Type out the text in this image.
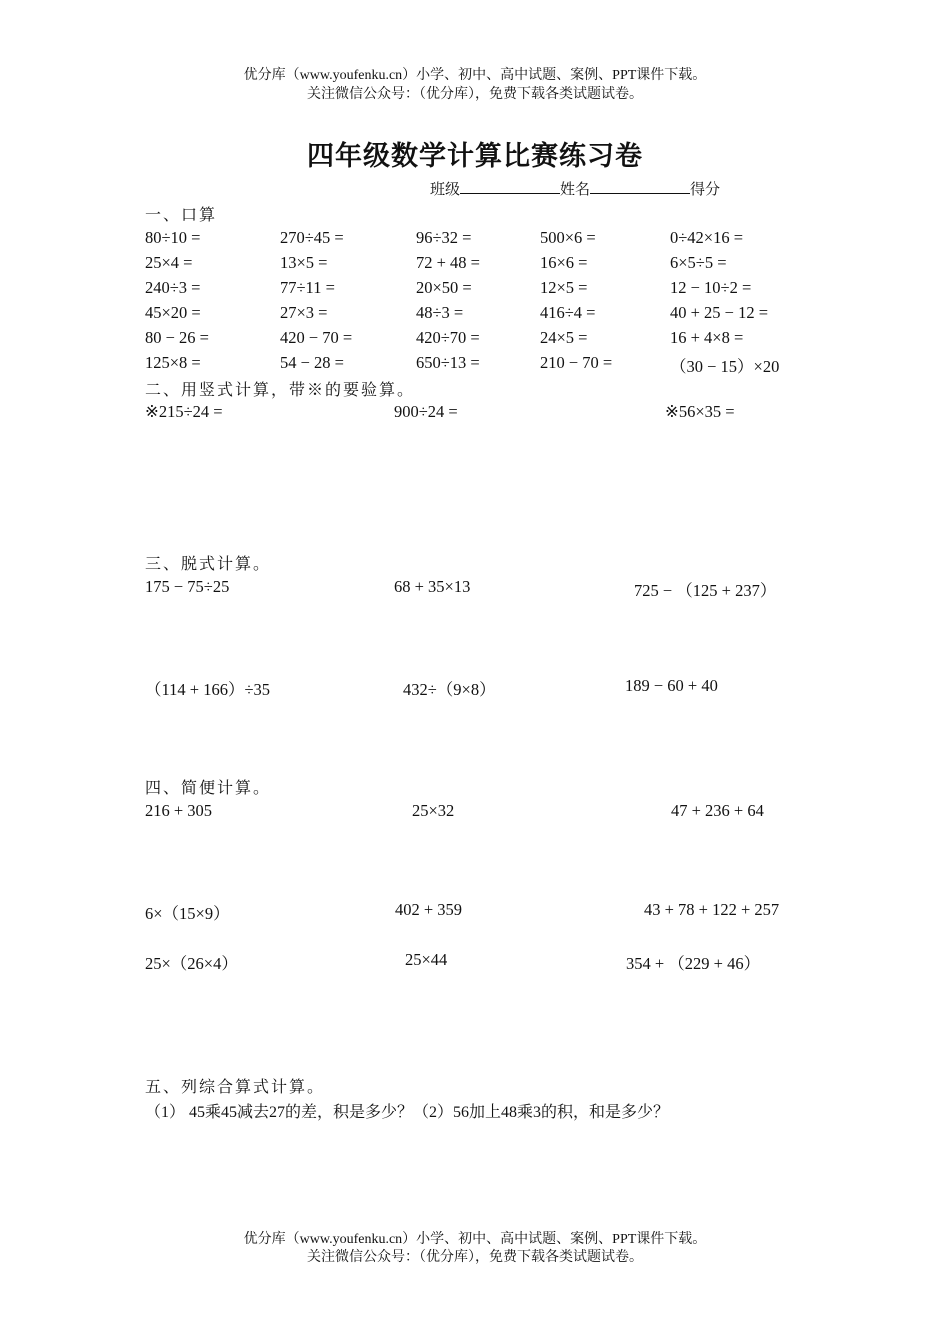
优分库（www.youfenku.cn）小学、初中、高中试题、案例、PPT课件下载。
关注微信公众号：（优分库），免费下载各类试题试卷。
四年级数学计算比赛练习卷
班级	姓名	得分
一、口算
80÷10 =	270÷45 =	96÷32 =	500×6 =	0÷42×16 =
25×4 =	13×5 =	72 + 48 =	16×6 =	6×5÷5 =
240÷3 =	77÷11 =	20×50 =	12×5 =	12 − 10÷2 =
45×20 =	27×3 =	48÷3 =	416÷4 =	40 + 25 − 12 =
80 − 26 =	420 − 70 =	420÷70 =	24×5 =	16 + 4×8 =
125×8 =	54 − 28 =	650÷13 =	210 − 70 =	（30 − 15）×20
二、用竖式计算，带※的要验算。
※215÷24 =	900÷24 =	※56×35 =
三、脱式计算。
175 − 75÷25	68 + 35×13	725 − （125 + 237）
（114 + 166）÷35	432÷（9×8）	189 − 60 + 40
四、简便计算。
216 + 305	25×32	47 + 236 + 64
6×（15×9）	402 + 359	43 + 78 + 122 + 257
25×（26×4）	25×44	354 + （229 + 46）
五、列综合算式计算。
（1） 45乘45减去27的差，积是多少？（2）56加上48乘3的积，和是多少？
优分库（www.youfenku.cn）小学、初中、高中试题、案例、PPT课件下载。
关注微信公众号：（优分库），免费下载各类试题试卷。
